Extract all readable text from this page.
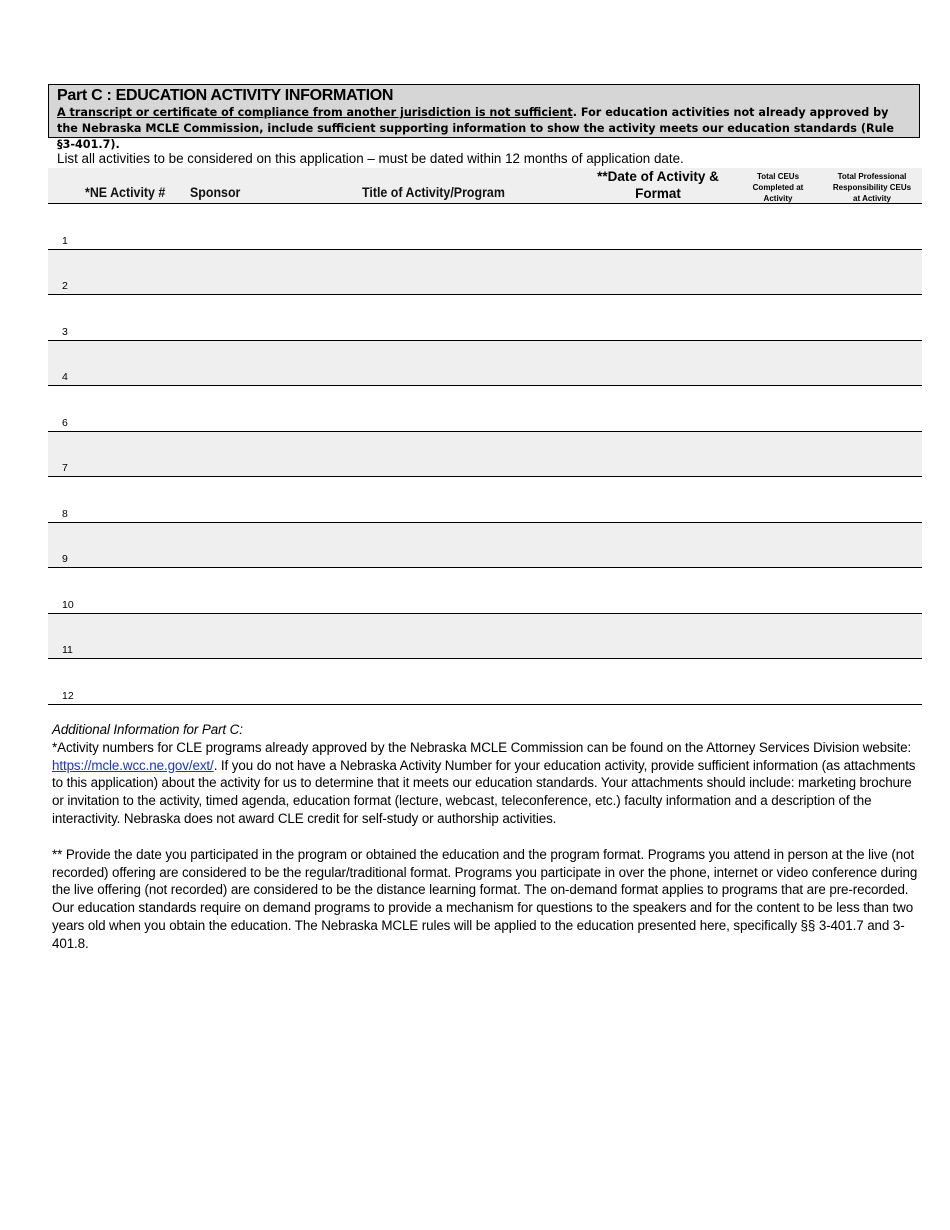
Part C : EDUCATION ACTIVITY INFORMATION
A transcript or certificate of compliance from another jurisdiction is not sufficient. For education activities not already approved by the Nebraska MCLE Commission, include sufficient supporting information to show the activity meets our education standards (Rule §3-401.7).
List all activities to be considered on this application – must be dated within 12 months of application date.
*NE Activity # Sponsor	Title of Activity/Program
**Date of Activity & Format
Total CEUs Completed at Activity
Total Professional Responsibility CEUs at Activity
1
2
3
4
6
7
8
9
10
11
12

Additional Information for Part C:

*Activity numbers for CLE programs already approved by the Nebraska MCLE Commission can be found on the Attorney Services Division website: https://mcle.wcc.ne.gov/ext/. If you do not have a Nebraska Activity Number for your education activity, provide sufficient information (as attachments to this application) about the activity for us to determine that it meets our education standards. Your attachments should include: marketing brochure or invitation to the activity, timed agenda, education format (lecture, webcast, teleconference, etc.) faculty information and a description of the interactivity. Nebraska does not award CLE credit for self-study or authorship activities.

** Provide the date you participated in the program or obtained the education and the program format. Programs you attend in person at the live (not recorded) offering are considered to be the regular/traditional format. Programs you participate in over the phone, internet or video conference during the live offering (not recorded) are considered to be the distance learning format. The on-demand format applies to programs that are pre-recorded. Our education standards require on demand programs to provide a mechanism for questions to the speakers and for the content to be less than two years old when you obtain the education. The Nebraska MCLE rules will be applied to the education presented here, specifically §§ 3-401.7 and 3-401.8.
